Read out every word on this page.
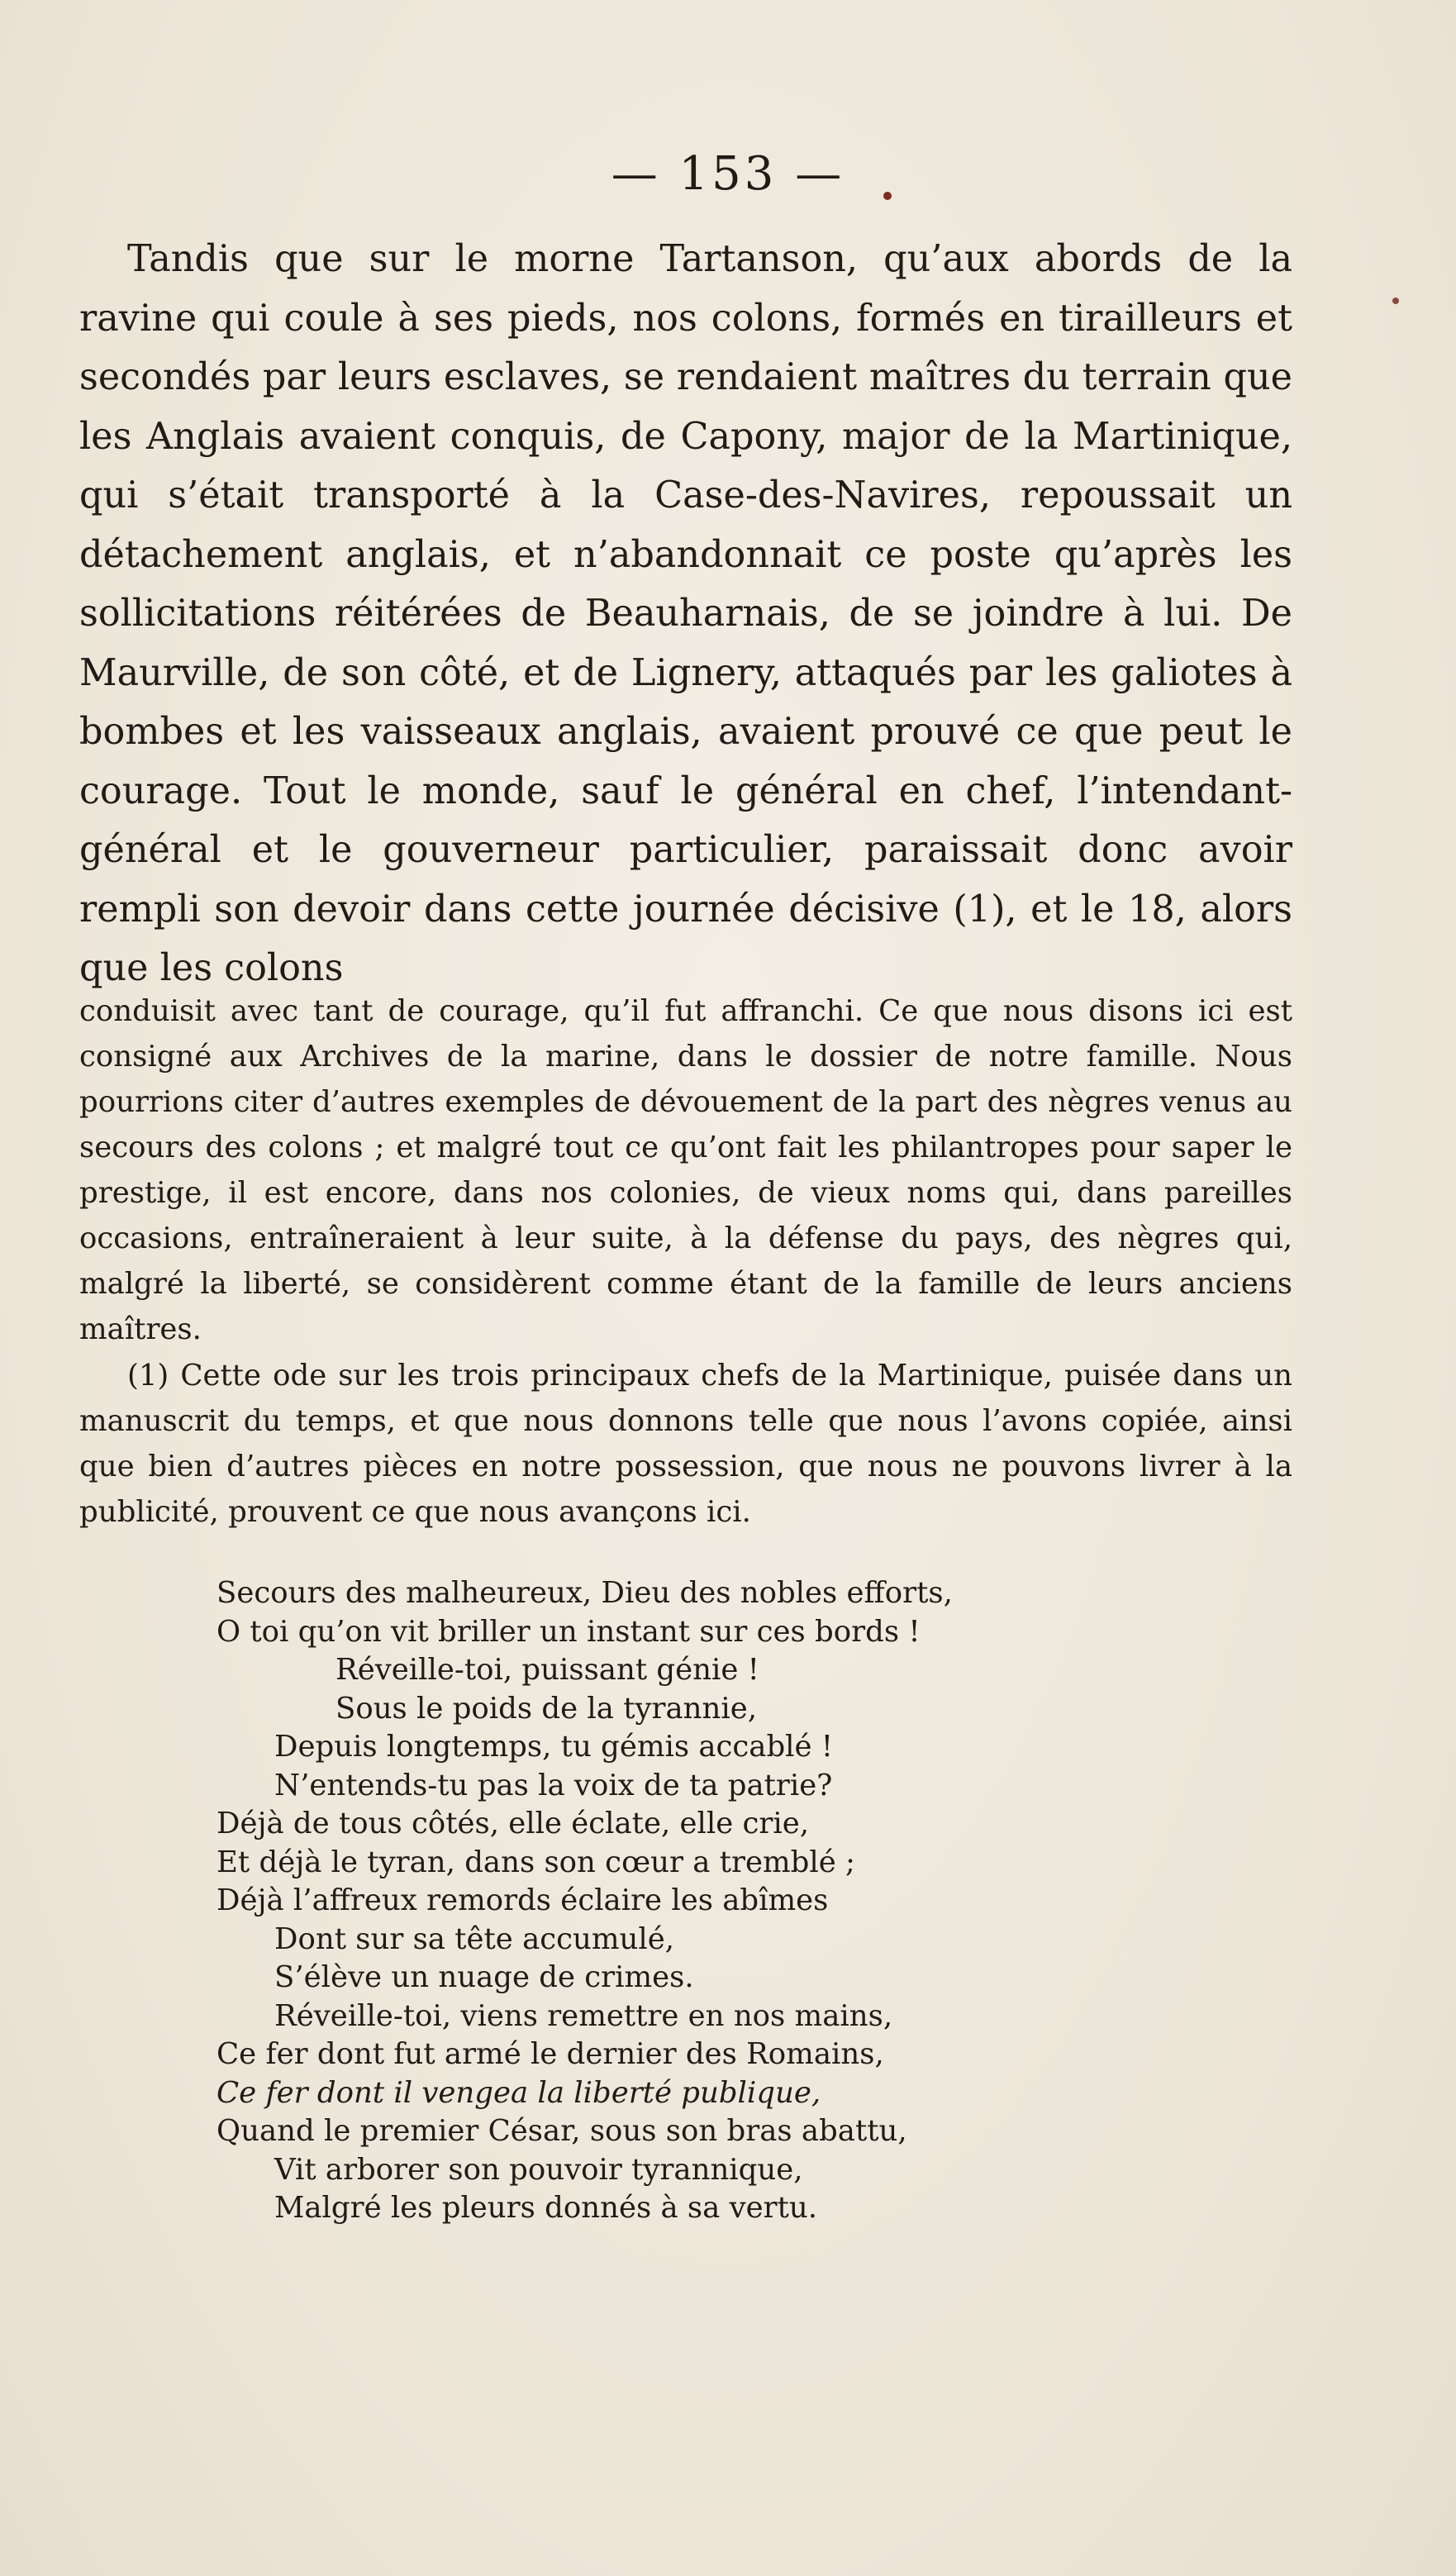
— 153 —

Tandis que sur le morne Tartanson, qu’aux abords de la ravine qui coule à ses pieds, nos colons, formés en tirailleurs et secondés par leurs esclaves, se rendaient maîtres du terrain que les Anglais avaient conquis, de Capony, major de la Martinique, qui s’était transporté à la Case-des-Navires, repoussait un détachement anglais, et n’abandonnait ce poste qu’après les sollicitations réitérées de Beauharnais, de se joindre à lui. De Maurville, de son côté, et de Lignery, attaqués par les galiotes à bombes et les vaisseaux anglais, avaient prouvé ce que peut le courage. Tout le monde, sauf le général en chef, l’intendant-général et le gouverneur particulier, paraissait donc avoir rempli son devoir dans cette journée décisive (1), et le 18, alors que les colons

conduisit avec tant de courage, qu’il fut affranchi. Ce que nous disons ici est consigné aux Archives de la marine, dans le dossier de notre famille. Nous pourrions citer d’autres exemples de dévouement de la part des nègres venus au secours des colons ; et malgré tout ce qu’ont fait les philantropes pour saper le prestige, il est encore, dans nos colonies, de vieux noms qui, dans pareilles occasions, entraîneraient à leur suite, à la défense du pays, des nègres qui, malgré la liberté, se considèrent comme étant de la famille de leurs anciens maîtres.

(1) Cette ode sur les trois principaux chefs de la Martinique, puisée dans un manuscrit du temps, et que nous donnons telle que nous l’avons copiée, ainsi que bien d’autres pièces en notre possession, que nous ne pouvons livrer à la publicité, prouvent ce que nous avançons ici.

Secours des malheureux, Dieu des nobles efforts,
O toi qu’on vit briller un instant sur ces bords !
Réveille-toi, puissant génie !
Sous le poids de la tyrannie,
Depuis longtemps, tu gémis accablé !
N’entends-tu pas la voix de ta patrie?
Déjà de tous côtés, elle éclate, elle crie,
Et déjà le tyran, dans son cœur a tremblé ;
Déjà l’affreux remords éclaire les abîmes
Dont sur sa tête accumulé,
S’élève un nuage de crimes.
Réveille-toi, viens remettre en nos mains,
Ce fer dont fut armé le dernier des Romains,
Ce fer dont il vengea la liberté publique,
Quand le premier César, sous son bras abattu,
Vit arborer son pouvoir tyrannique,
Malgré les pleurs donnés à sa vertu.
